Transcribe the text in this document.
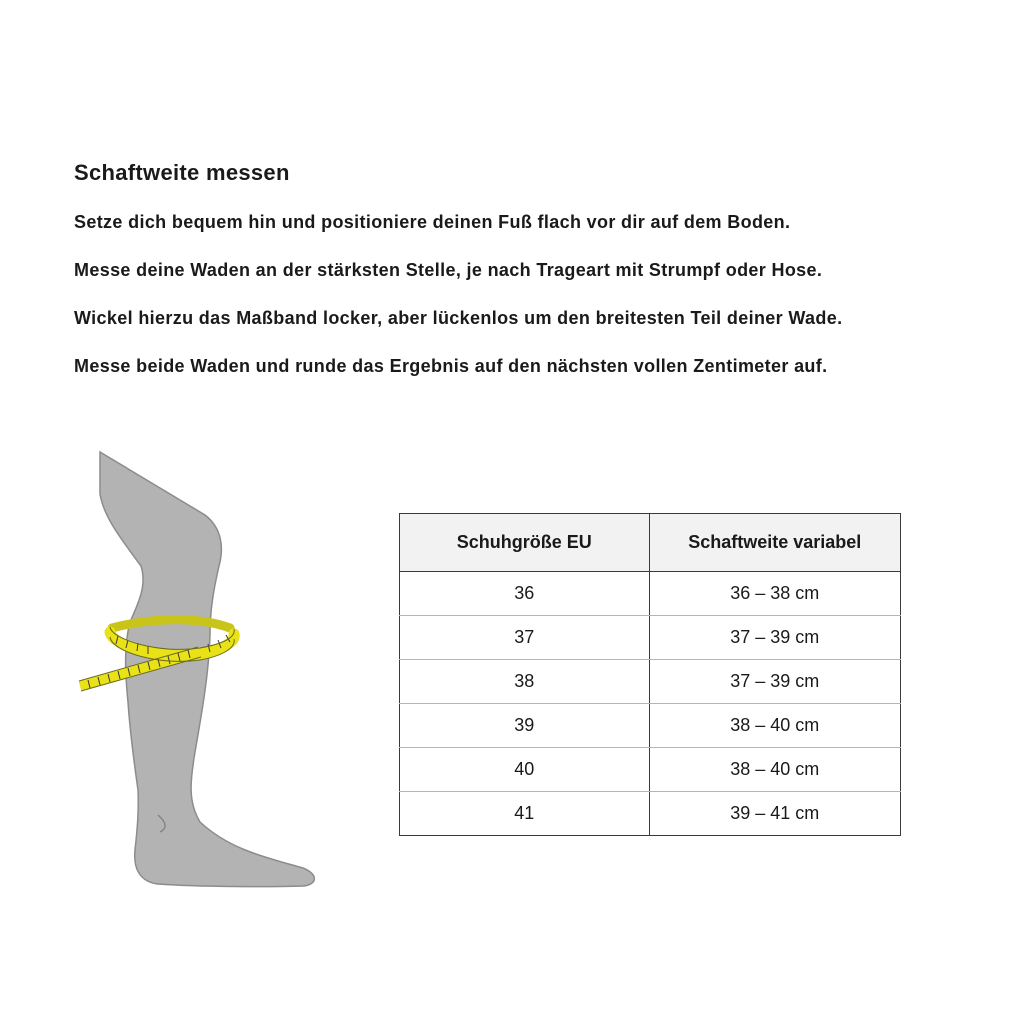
Schaftweite messen
Setze dich bequem hin und positioniere deinen Fuß flach vor dir auf dem Boden.
Messe deine Waden an der stärksten Stelle, je nach Trageart mit Strumpf oder Hose.
Wickel hierzu das Maßband locker, aber lückenlos um den breitesten Teil deiner Wade.
Messe beide Waden und runde das Ergebnis auf den nächsten vollen Zentimeter auf.
Schuhgröße EU	Schaftweite variabel
36	36 – 38 cm
37	37 – 39 cm
38	37 – 39 cm
39	38 – 40 cm
40	38 – 40 cm
41	39 – 41 cm
